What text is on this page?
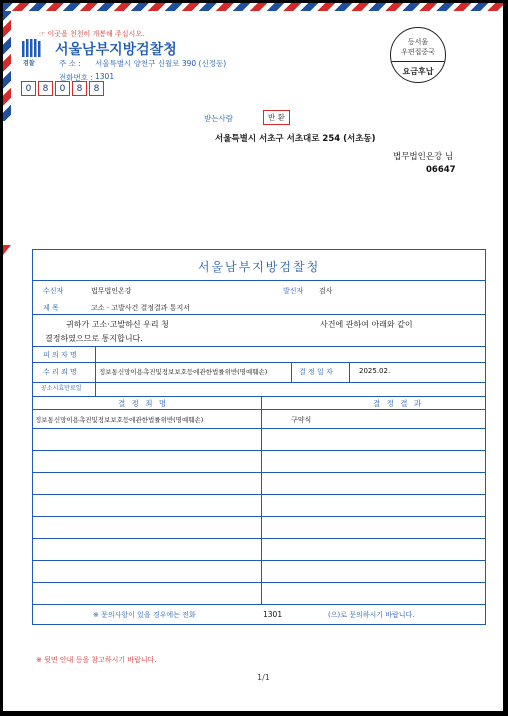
☞ 이곳을 천천히 개봉해 주십시오.
검찰
서울남부지방검찰청
주 소 : 서울특별시 양천구 신월로 390 (신정동)
전화번호 : 1301
0	8	0	8	8
등서울
우편집중국
요금후납
받는사람	반 환
서울특별시 서초구 서초대로 254 (서초동)
법무법인온강 님
06647
서울남부지방검찰청
수신자	법무법인온강	발신자 검사
제 목	고소 · 고발사건 결정결과 통지서
귀하가 고소·고발하신 우리 청	사건에 관하여 아래와 같이
결정하였으므로 통지합니다.
피 의 자 명
수 리 죄 명	정보통신망이용촉진및정보보호등에관한법률위반(명예훼손)	결 정 일 자	2025.02.
공소시효만료일
결 정 죄 명	결 정 결 과
정보통신망이용촉진및정보보호등에관한법률위반(명예훼손)	구약식
※ 문의사항이 있을 경우에는 전화	1301	(으)로 문의하시기 바랍니다.
※ 뒷면 안내 등을 참고하시기 바랍니다.
1/1
